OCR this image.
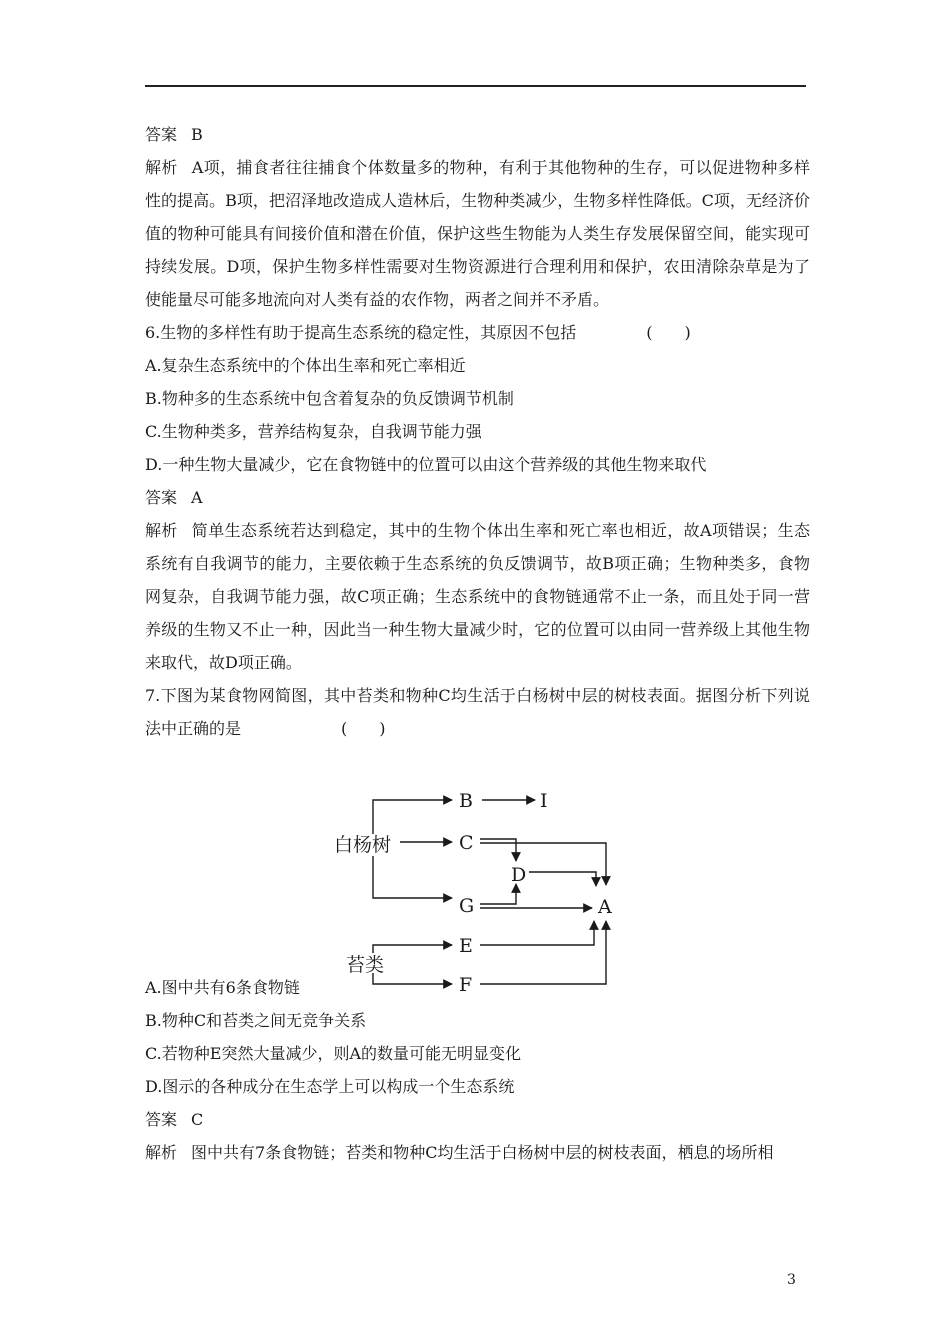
答案 B

解析 A项，捕食者往往捕食个体数量多的物种，有利于其他物种的生存，可以促进物种多样性的提高。B项，把沼泽地改造成人造林后，生物种类减少，生物多样性降低。C项，无经济价值的物种可能具有间接价值和潜在价值，保护这些生物能为人类生存发展保留空间，能实现可持续发展。D项，保护生物多样性需要对生物资源进行合理利用和保护，农田清除杂草是为了使能量尽可能多地流向对人类有益的农作物，两者之间并不矛盾。

6.生物的多样性有助于提高生态系统的稳定性，其原因不包括	(　　)

A.复杂生态系统中的个体出生率和死亡率相近

B.物种多的生态系统中包含着复杂的负反馈调节机制

C.生物种类多，营养结构复杂，自我调节能力强

D.一种生物大量减少，它在食物链中的位置可以由这个营养级的其他生物来取代

答案 A

解析 简单生态系统若达到稳定，其中的生物个体出生率和死亡率也相近，故A项错误；生态系统有自我调节的能力，主要依赖于生态系统的负反馈调节，故B项正确；生物种类多，食物网复杂，自我调节能力强，故C项正确；生态系统中的食物链通常不止一条，而且处于同一营养级的生物又不止一种，因此当一种生物大量减少时，它的位置可以由同一营养级上其他生物来取代，故D项正确。

7.下图为某食物网简图，其中苔类和物种C均生活于白杨树中层的树枝表面。据图分析下列说法中正确的是	(　　)

A.图中共有6条食物链

B.物种C和苔类之间无竞争关系

C.若物种E突然大量减少，则A的数量可能无明显变化

D.图示的各种成分在生态学上可以构成一个生态系统

答案 C

解析 图中共有7条食物链；苔类和物种C均生活于白杨树中层的树枝表面，栖息的场所相

白杨树
苔类
B	I
C
D
G	A
E
F
3
